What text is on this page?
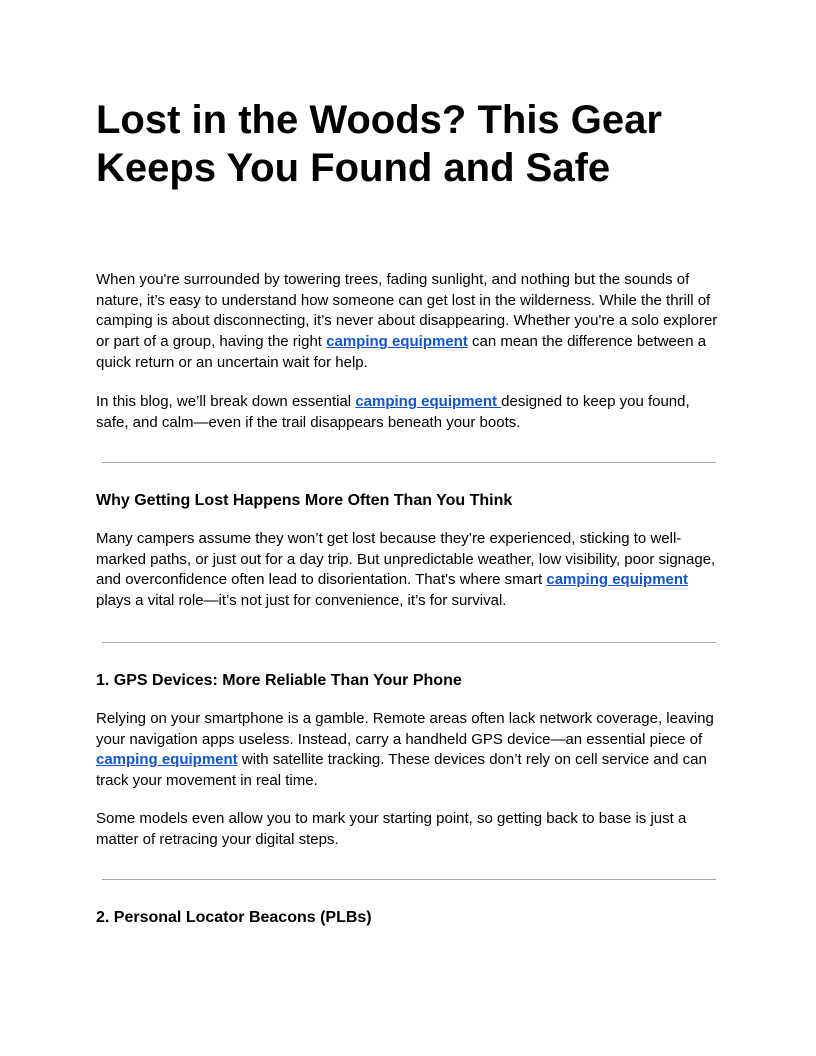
Lost in the Woods? This Gear Keeps You Found and Safe

When you're surrounded by towering trees, fading sunlight, and nothing but the sounds of nature, it’s easy to understand how someone can get lost in the wilderness. While the thrill of camping is about disconnecting, it’s never about disappearing. Whether you're a solo explorer or part of a group, having the right camping equipment can mean the difference between a quick return or an uncertain wait for help.

In this blog, we’ll break down essential camping equipment designed to keep you found, safe, and calm—even if the trail disappears beneath your boots.

Why Getting Lost Happens More Often Than You Think

Many campers assume they won’t get lost because they’re experienced, sticking to well-marked paths, or just out for a day trip. But unpredictable weather, low visibility, poor signage, and overconfidence often lead to disorientation. That's where smart camping equipment plays a vital role—it’s not just for convenience, it’s for survival.

1. GPS Devices: More Reliable Than Your Phone

Relying on your smartphone is a gamble. Remote areas often lack network coverage, leaving your navigation apps useless. Instead, carry a handheld GPS device—an essential piece of camping equipment with satellite tracking. These devices don’t rely on cell service and can track your movement in real time.

Some models even allow you to mark your starting point, so getting back to base is just a matter of retracing your digital steps.

2. Personal Locator Beacons (PLBs)
